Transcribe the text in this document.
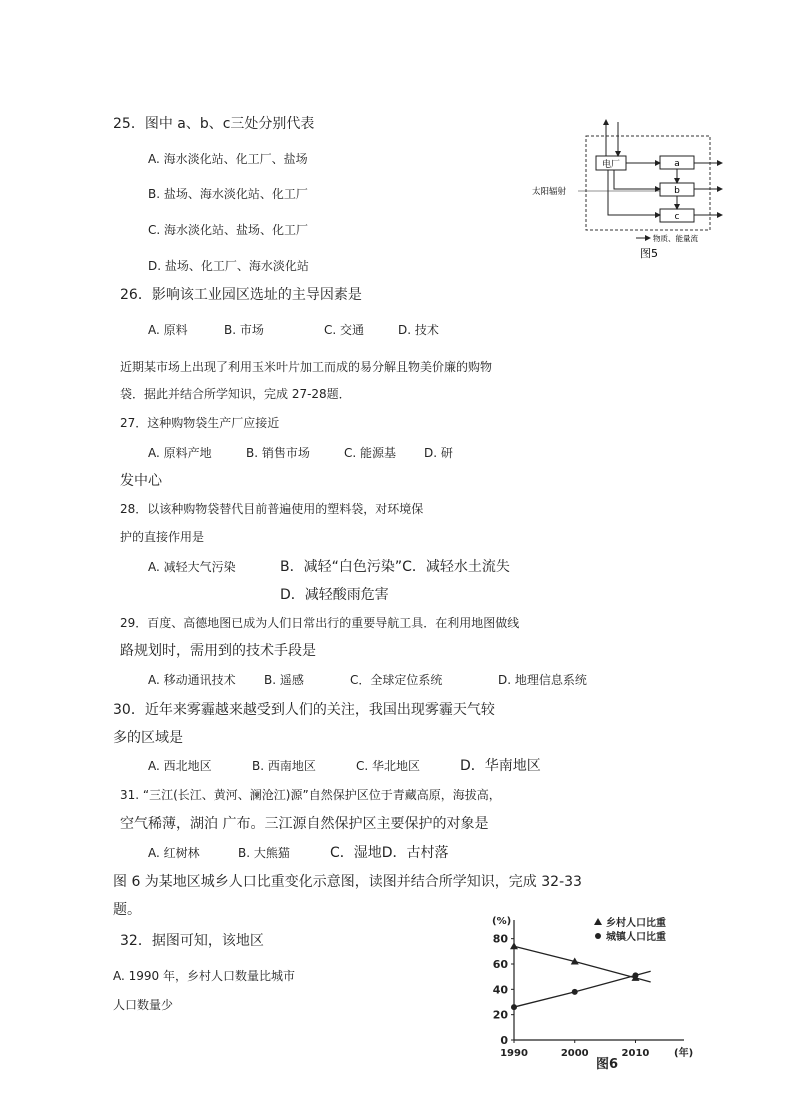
25．图中 a、b、c三处分别代表
A. 海水淡化站、化工厂、盐场
B. 盐场、海水淡化站、化工厂
C. 海水淡化站、盐场、化工厂
D. 盐场、化工厂、海水淡化站
电厂	a
b
c
太阳辐射
物质、能量流
图5
26．影响该工业园区选址的主导因素是
A. 原料	B. 市场	C. 交通	D. 技术
近期某市场上出现了利用玉米叶片加工而成的易分解且物美价廉的购物
袋．据此并结合所学知识，完成 27-28题．
27．这种购物袋生产厂应接近
A. 原料产地	B. 销售市场	C. 能源基 D. 研
发中心
28．以该种购物袋替代目前普遍使用的塑料袋，对环境保
护的直接作用是
A. 减轻大气污染	B．减轻“白色污染”C．减轻水土流失
D．减轻酸雨危害
29．百度、高德地图已成为人们日常出行的重要导航工具．在利用地图做线
路规划时，需用到的技术手段是
A. 移动通讯技术 B. 遥感	C．全球定位系统	D. 地理信息系统
30．近年来雾霾越来越受到人们的关注，我国出现雾霾天气较
多的区域是
A. 西北地区	B. 西南地区	C. 华北地区	D．华南地区
31. “三江(长江、黄河、澜沧江)源”自然保护区位于青藏高原，海拔高，
空气稀薄，湖泊 广布。三江源自然保护区主要保护的对象是
A. 红树林	B. 大熊猫	C．湿地D．古村落
图 6 为某地区城乡人口比重变化示意图，读图并结合所学知识，完成 32-33
题。
32．据图可知，该地区
A. 1990 年，乡村人口数量比城市
人口数量少
0
20
40
60
80
1990	2000	2010
(%)
(年)
乡村人口比重
城镇人口比重
图6
